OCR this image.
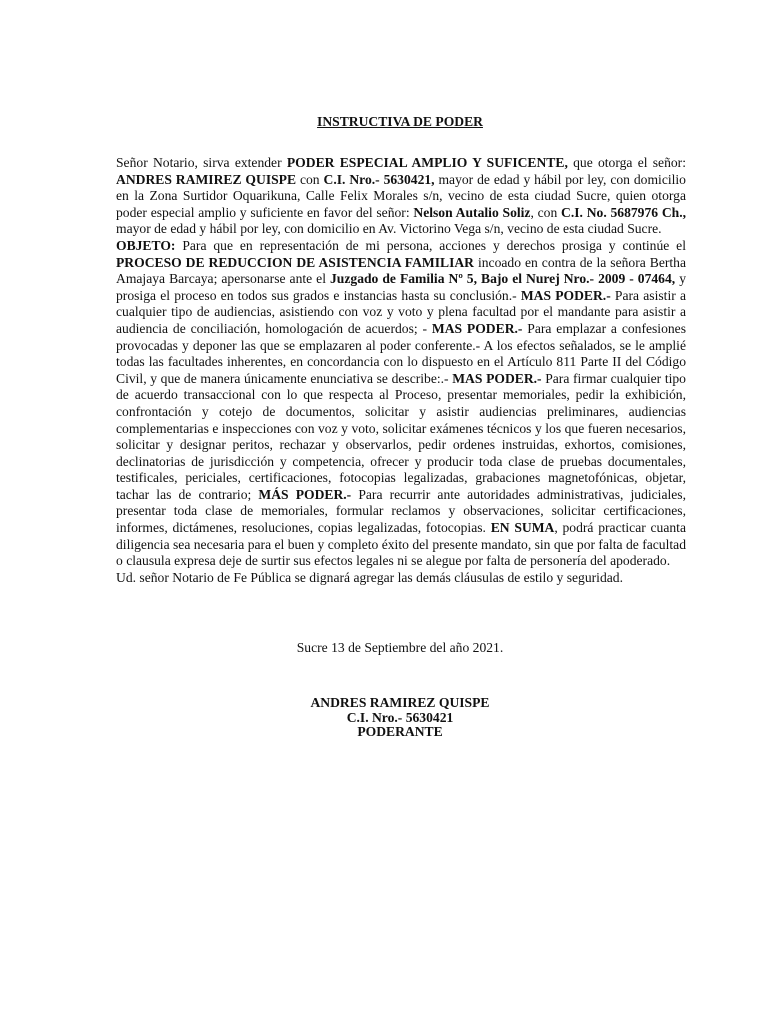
INSTRUCTIVA DE PODER

Señor Notario, sirva extender PODER ESPECIAL AMPLIO Y SUFICENTE, que otorga el señor: ANDRES RAMIREZ QUISPE con C.I. Nro.- 5630421, mayor de edad y hábil por ley, con domicilio en la Zona Surtidor Oquarikuna, Calle Felix Morales s/n, vecino de esta ciudad Sucre, quien otorga poder especial amplio y suficiente en favor del señor: Nelson Autalio Soliz, con C.I. No. 5687976 Ch., mayor de edad y hábil por ley, con domicilio en Av. Victorino Vega s/n, vecino de esta ciudad Sucre.

OBJETO: Para que en representación de mi persona, acciones y derechos prosiga y continúe el PROCESO DE REDUCCION DE ASISTENCIA FAMILIAR incoado en contra de la señora Bertha Amajaya Barcaya; apersonarse ante el Juzgado de Familia Nº 5, Bajo el Nurej Nro.- 2009 - 07464, y prosiga el proceso en todos sus grados e instancias hasta su conclusión.- MAS PODER.- Para asistir a cualquier tipo de audiencias, asistiendo con voz y voto y plena facultad por el mandante para asistir a audiencia de conciliación, homologación de acuerdos; - MAS PODER.- Para emplazar a confesiones provocadas y deponer las que se emplazaren al poder conferente.- A los efectos señalados, se le amplié todas las facultades inherentes, en concordancia con lo dispuesto en el Artículo 811 Parte II del Código Civil, y que de manera únicamente enunciativa se describe:.- MAS PODER.- Para firmar cualquier tipo de acuerdo transaccional con lo que respecta al Proceso, presentar memoriales, pedir la exhibición, confrontación y cotejo de documentos, solicitar y asistir audiencias preliminares, audiencias complementarias e inspecciones con voz y voto, solicitar exámenes técnicos y los que fueren necesarios, solicitar y designar peritos, rechazar y observarlos, pedir ordenes instruidas, exhortos, comisiones, declinatorias de jurisdicción y competencia, ofrecer y producir toda clase de pruebas documentales, testificales, periciales, certificaciones, fotocopias legalizadas, grabaciones magnetofónicas, objetar, tachar las de contrario; MÁS PODER.- Para recurrir ante autoridades administrativas, judiciales, presentar toda clase de memoriales, formular reclamos y observaciones, solicitar certificaciones, informes, dictámenes, resoluciones, copias legalizadas, fotocopias. EN SUMA, podrá practicar cuanta diligencia sea necesaria para el buen y completo éxito del presente mandato, sin que por falta de facultad o clausula expresa deje de surtir sus efectos legales ni se alegue por falta de personería del apoderado.

Ud. señor Notario de Fe Pública se dignará agregar las demás cláusulas de estilo y seguridad.

Sucre 13 de Septiembre del año 2021.
ANDRES RAMIREZ QUISPE
C.I. Nro.- 5630421
PODERANTE
